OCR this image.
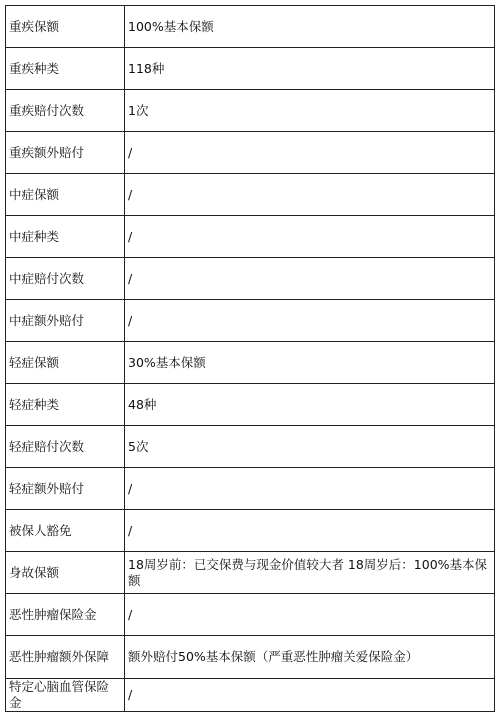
重疾保额	100%基本保额
重疾种类	118种
重疾赔付次数	1次
重疾额外赔付	/
中症保额	/
中症种类	/
中症赔付次数	/
中症额外赔付	/
轻症保额	30%基本保额
轻症种类	48种
轻症赔付次数	5次
轻症额外赔付	/
被保人豁免	/
身故保额	18周岁前：已交保费与现金价值较大者 18周岁后：100%基本保额
恶性肿瘤保险金	/
恶性肿瘤额外保障	额外赔付50%基本保额（严重恶性肿瘤关爱保险金）
特定心脑血管保险金	/
